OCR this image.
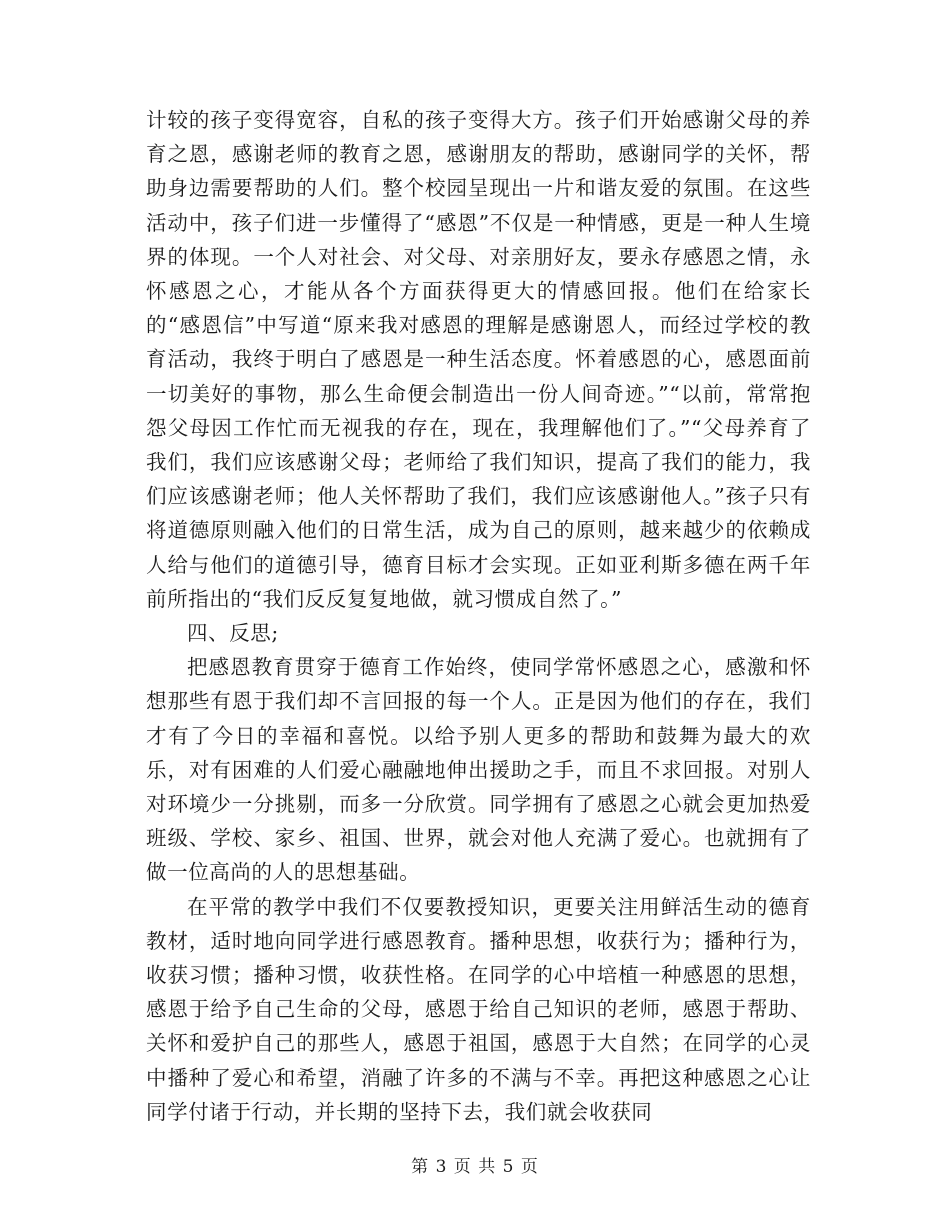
计较的孩子变得宽容，自私的孩子变得大方。孩子们开始感谢父母的养育之恩，感谢老师的教育之恩，感谢朋友的帮助，感谢同学的关怀，帮助身边需要帮助的人们。整个校园呈现出一片和谐友爱的氛围。在这些活动中，孩子们进一步懂得了“感恩”不仅是一种情感，更是一种人生境界的体现。一个人对社会、对父母、对亲朋好友，要永存感恩之情，永怀感恩之心，才能从各个方面获得更大的情感回报。他们在给家长的“感恩信”中写道“原来我对感恩的理解是感谢恩人，而经过学校的教育活动，我终于明白了感恩是一种生活态度。怀着感恩的心，感恩面前一切美好的事物，那么生命便会制造出一份人间奇迹。”“以前，常常抱怨父母因工作忙而无视我的存在，现在，我理解他们了。”“父母养育了我们，我们应该感谢父母；老师给了我们知识，提高了我们的能力，我们应该感谢老师；他人关怀帮助了我们，我们应该感谢他人。”孩子只有将道德原则融入他们的日常生活，成为自己的原则，越来越少的依赖成人给与他们的道德引导，德育目标才会实现。正如亚利斯多德在两千年前所指出的“我们反反复复地做，就习惯成自然了。”

四、反思;

把感恩教育贯穿于德育工作始终，使同学常怀感恩之心，感激和怀想那些有恩于我们却不言回报的每一个人。正是因为他们的存在，我们才有了今日的幸福和喜悦。以给予别人更多的帮助和鼓舞为最大的欢乐，对有困难的人们爱心融融地伸出援助之手，而且不求回报。对别人对环境少一分挑剔，而多一分欣赏。同学拥有了感恩之心就会更加热爱班级、学校、家乡、祖国、世界，就会对他人充满了爱心。也就拥有了做一位高尚的人的思想基础。

在平常的教学中我们不仅要教授知识，更要关注用鲜活生动的德育教材，适时地向同学进行感恩教育。播种思想，收获行为；播种行为，收获习惯；播种习惯，收获性格。在同学的心中培植一种感恩的思想，感恩于给予自己生命的父母，感恩于给自己知识的老师，感恩于帮助、关怀和爱护自己的那些人，感恩于祖国，感恩于大自然；在同学的心灵中播种了爱心和希望，消融了许多的不满与不幸。再把这种感恩之心让同学付诸于行动，并长期的坚持下去，我们就会收获同

第 3 页 共 5 页
